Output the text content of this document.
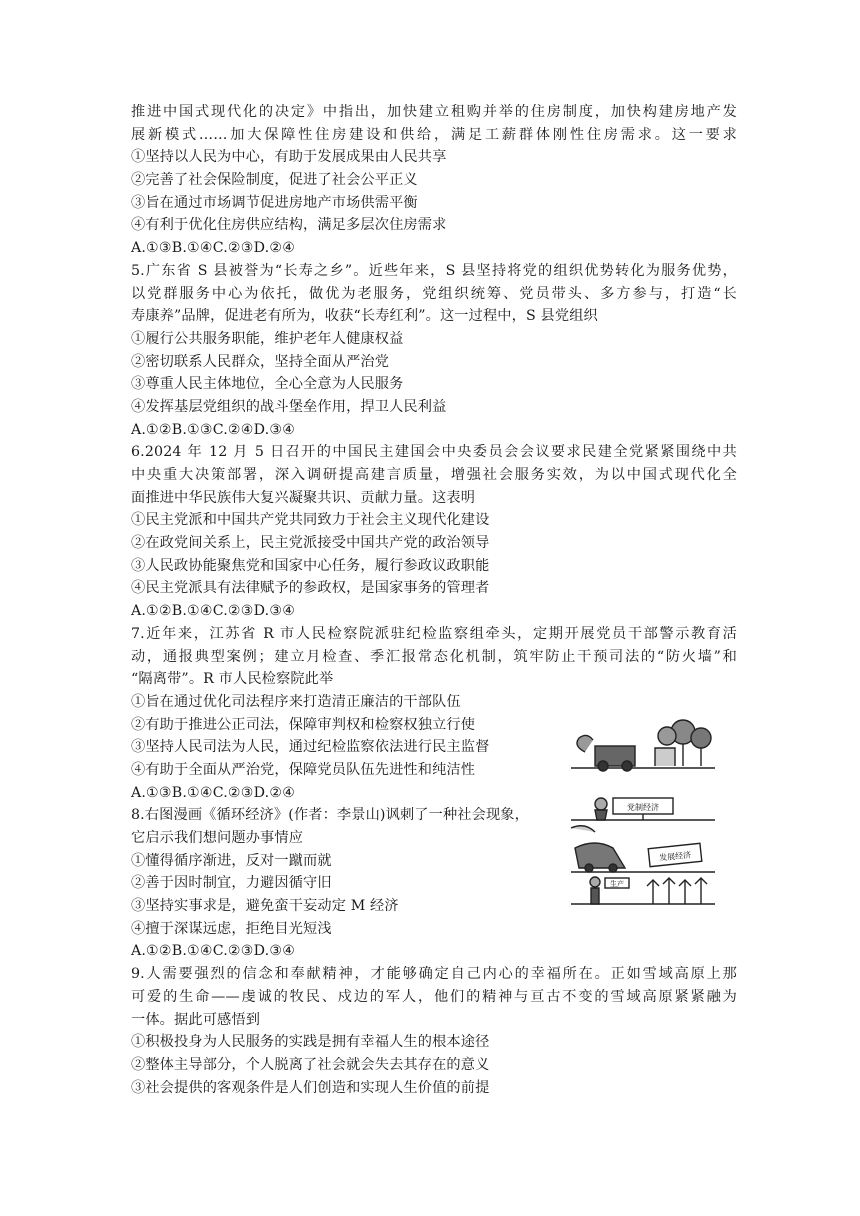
推进中国式现代化的决定》中指出，加快建立租购并举的住房制度，加快构建房地产发
展新模式……加大保障性住房建设和供给，满足工薪群体刚性住房需求。这一要求
①坚持以人民为中心，有助于发展成果由人民共享
②完善了社会保险制度，促进了社会公平正义
③旨在通过市场调节促进房地产市场供需平衡
④有利于优化住房供应结构，满足多层次住房需求
A.①③B.①④C.②③D.②④
5.广东省 S 县被誉为“长寿之乡”。近些年来，S 县坚持将党的组织优势转化为服务优势，
以党群服务中心为依托，做优为老服务，党组织统筹、党员带头、多方参与，打造“长
寿康养”品牌，促进老有所为，收获“长寿红利”。这一过程中，S 县党组织
①履行公共服务职能，维护老年人健康权益
②密切联系人民群众，坚持全面从严治党
③尊重人民主体地位，全心全意为人民服务
④发挥基层党组织的战斗堡垒作用，捍卫人民利益
A.①②B.①③C.②④D.③④
6.2024 年 12 月 5 日召开的中国民主建国会中央委员会会议要求民建全党紧紧围绕中共
中央重大决策部署，深入调研提高建言质量，增强社会服务实效，为以中国式现代化全
面推进中华民族伟大复兴凝聚共识、贡献力量。这表明
①民主党派和中国共产党共同致力于社会主义现代化建设
②在政党间关系上，民主党派接受中国共产党的政治领导
③人民政协能聚焦党和国家中心任务，履行参政议政职能
④民主党派具有法律赋予的参政权，是国家事务的管理者
A.①②B.①④C.②③D.③④
7.近年来，江苏省 R 市人民检察院派驻纪检监察组牵头，定期开展党员干部警示教育活
动，通报典型案例；建立月检查、季汇报常态化机制，筑牢防止干预司法的“防火墙”和
“隔离带”。R 市人民检察院此举
①旨在通过优化司法程序来打造清正廉洁的干部队伍
②有助于推进公正司法，保障审判权和检察权独立行使
③坚持人民司法为人民，通过纪检监察依法进行民主监督
④有助于全面从严治党，保障党员队伍先进性和纯洁性
A.①③B.①④C.②③D.②④
8.右图漫画《循环经济》(作者：李景山)讽刺了一种社会现象，
它启示我们想问题办事情应
①懂得循序渐进，反对一蹴而就
②善于因时制宜，力避因循守旧
③坚持实事求是，避免蛮干妄动定 M 经济
④擅于深谋远虑，拒绝目光短浅
A.①②B.①④C.②③D.③④
9.人需要强烈的信念和奉献精神，才能够确定自己内心的幸福所在。正如雪域高原上那
可爱的生命——虔诚的牧民、戍边的军人，他们的精神与亘古不变的雪域高原紧紧融为
一体。据此可感悟到
①积极投身为人民服务的实践是拥有幸福人生的根本途径
②整体主导部分，个人脱离了社会就会失去其存在的意义
③社会提供的客观条件是人们创造和实现人生价值的前提
党制经济
发展经济
生产
